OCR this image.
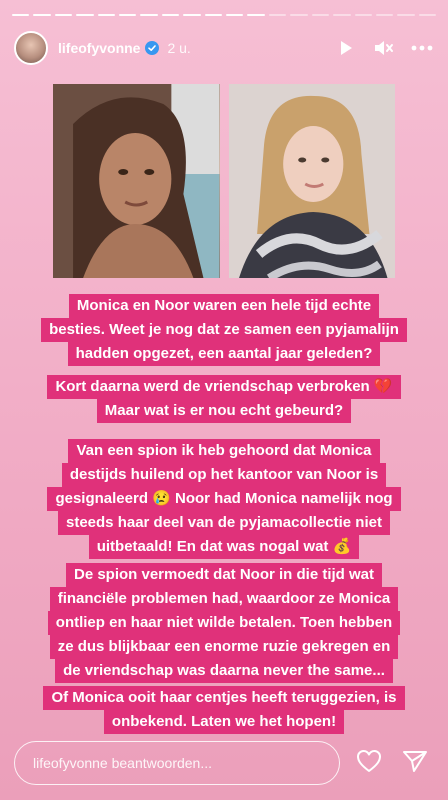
lifeofyvonne 2 u.
Monica en Noor waren een hele tijd echte
besties. Weet je nog dat ze samen een pyjamalijn
hadden opgezet, een aantal jaar geleden?
Kort daarna werd de vriendschap verbroken 💔
Maar wat is er nou echt gebeurd?
Van een spion ik heb gehoord dat Monica
destijds huilend op het kantoor van Noor is
gesignaleerd 😢 Noor had Monica namelijk nog
steeds haar deel van de pyjamacollectie niet
uitbetaald! En dat was nogal wat 💰
De spion vermoedt dat Noor in die tijd wat
financiële problemen had, waardoor ze Monica
ontliep en haar niet wilde betalen. Toen hebben
ze dus blijkbaar een enorme ruzie gekregen en
de vriendschap was daarna never the same...
Of Monica ooit haar centjes heeft teruggezien, is
onbekend. Laten we het hopen!
lifeofyvonne beantwoorden...
